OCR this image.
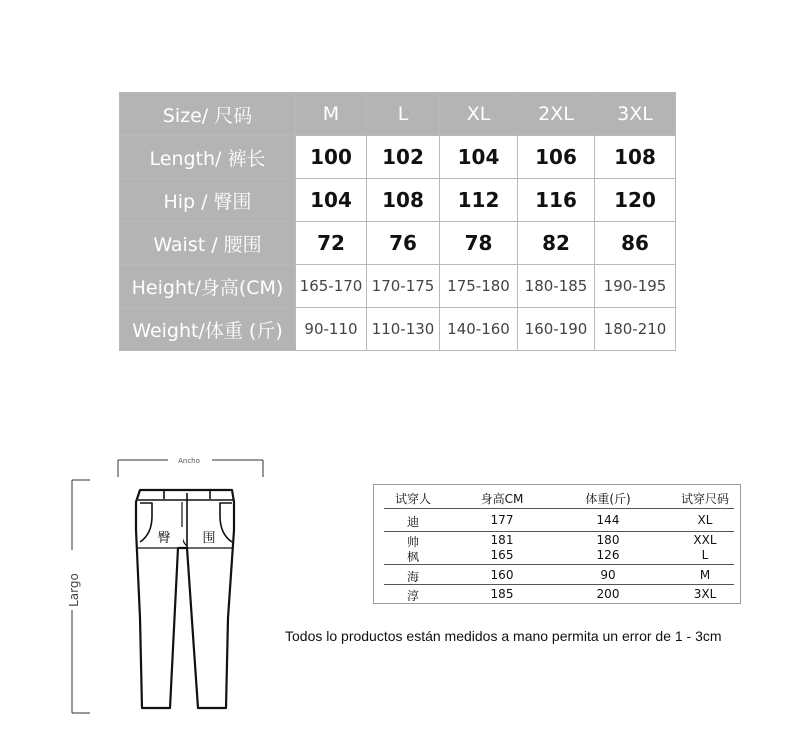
Size/ 尺码	M	L	XL	2XL	3XL
Length/ 裤长	100	102	104	106	108
Hip / 臀围	104	108	112	116	120
Waist / 腰围	72	76	78	82	86
Height/身高(CM)	165-170	170-175	175-180	180-185	190-195
Weight/体重 (斤)	90-110	110-130	140-160	160-190	180-210
Ancho
Largo
臀 围
试穿人	身高CM	体重(斤)	试穿尺码
迪	177	144	XL
帅	181	180	XXL
枫	165	126	L
海	160	90	M
淳	185	200	3XL
Todos lo productos están medidos a mano permita un error de 1 - 3cm
